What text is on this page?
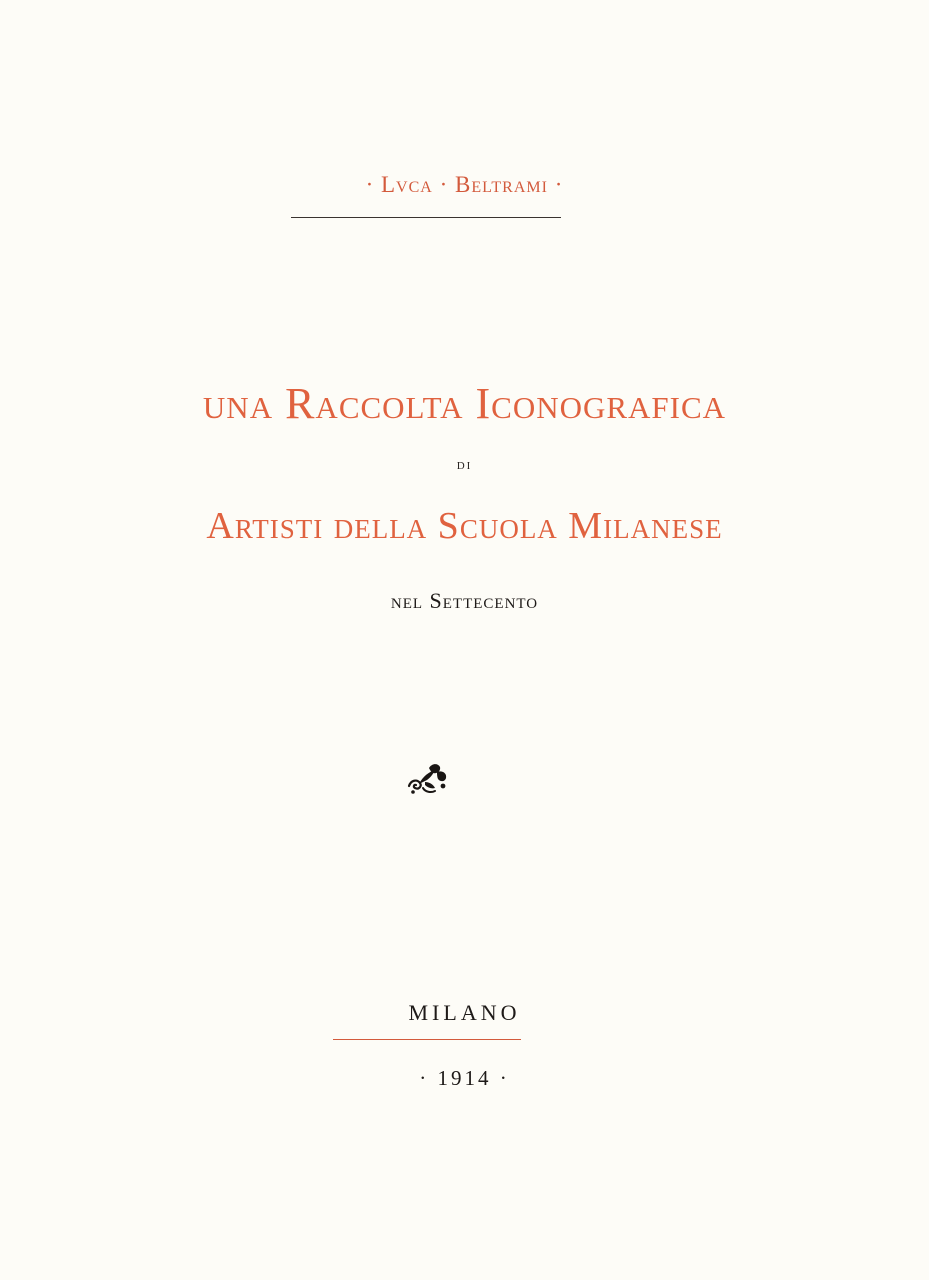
· Lvca · Beltrami ·
una Raccolta Iconografica
di
Artisti della Scuola Milanese
nel Settecento
MILANO
· 1914 ·
